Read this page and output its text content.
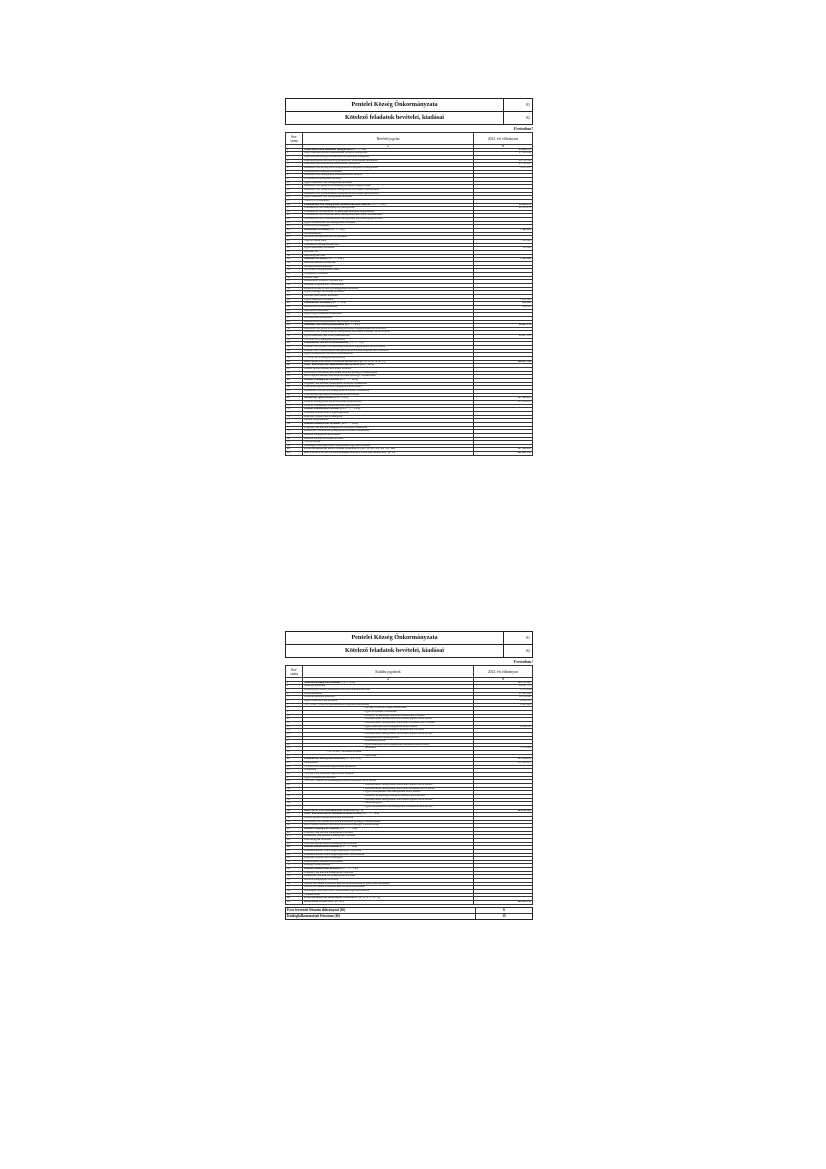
Pentelei Község Önkormányzata	01
Kötelező feladatok bevételei, kiadásai	02
Forintban!
Sor- szám	Bevételi jogcím	2023. évi előirányzat
	A	B
1	Önkormányzatok működési támogatásai (1.1.+...+1.6.)	85 890 379
2	Helyi önkormányzatok működésének általános támogatása	27 186 839
3	Önkormányzatok egyes köznevelési feladatainak támogatása	
4	Önkormányzatok szociális és gyermekjóléti feladatainak támogatása	26 798 316
5	Önkormányzatok kulturális feladatainak támogatása	27 780 167
6	Működési célú költségvetési támogatások és kiegészítő támogatások	4 125 057
7	Elszámolásból származó bevételek	
8	Működési célú támogatások államháztartáson belülről	
9	Elvonások és befizetések bevételei	
10	Egyéb működési célú támogatások bevételei	
11	Működési célú garancia- és kezességvállalásból megtérülések	
12	Működési célú visszatérítendő támogatások, kölcsönök visszatérülése	
13	Működési célú visszatérítendő támogatások, kölcsönök igénybevétele	
14	Egyéb működési célú támogatások bevételei	
15	- ebből EU-s támogatás	
16	Felhalmozási célú támogatások államháztartáson belülről (2.1.+...+2.5.)	22 858 979
17	Felhalmozási célú önkormányzati támogatások	22 858 979
18	Felhalmozási célú garancia- és kezességvállalásból megtérülések	
19	Felhalmozási célú visszatérítendő támogatások, kölcsönök visszatérülése	
20	Felhalmozási célú visszatérítendő támogatások, kölcsönök igénybevétele	
21	Egyéb felhalmozási célú támogatások bevételei	
22	- ebből EU-s támogatás	
23	Közhatalmi bevételek (3.1.+...+3.5.)	7 800 000
24	Jövedelemadók	
25	Szociális hozzájárulási adó és járulékok	
26	Vagyoni típusú adók	7 100 000
27	Termékek és szolgáltatások adói	
28	Egyéb közhatalmi bevételek	700 000
29	Iparűzési adó	
30	Idegenforgalmi adó	
31	Működési bevételek (4.1.+...+4.10.)	1 980 000
32	Készletértékesítés ellenértéke	
33	Szolgáltatások ellenértéke	
34	Közvetített szolgáltatások értéke	
35	Tulajdonosi bevételek	
36	Ellátási díjak	
37	Kiszámlázott általános forgalmi adó	
38	Általános forgalmi adó visszatérítése	
39	Kamatbevételek és más nyereségjellegű bevételek	
40	Egyéb pénzügyi műveletek bevételei	
41	Biztosító által fizetett kártérítés	
42	Egyéb működési bevételek	1 980 000
43	Felhalmozási bevételek (5.1.+...+5.5.)	890 000
44	Immateriális javak értékesítése	890 000
45	Ingatlanok értékesítése	
46	Egyéb tárgyi eszközök értékesítése	
47	Részesedések értékesítése	
48	Részesedések megszűnéséhez kapcsolódó bevételek	
49	Működési célú átvett pénzeszközök (6.1.+...+6.3.)	28 667 978
50	Működési célú garancia- és kezességvállalásból megtérülések ÁH-n kívülről	
51	Működési célú visszatérítendő támogatások, kölcsönök visszatér. ÁH-n kívülről	
52	Egyéb működési célú átvett pénzeszközök	28 667 978
53	- 6.3.-ból EU-s támogatás (közvetlen)	
54	Felhalmozási célú átvett pénzeszközök (7.1.+...+7.3.)	
55	Felhalm. célú garancia- és kezességvállalásból megtérülések ÁH-n kívülről	
56	Felhalm. célú visszatérítendő támogatások, kölcsönök visszatér. ÁH-n kívülről	
57	Egyéb felhalmozási célú átvett pénzeszközök	
58	- 7.3.-ból EU-s támogatás (közvetlen)	
59	KÖLTSÉGVETÉSI BEVÉTELEK ÖSSZESEN: (1.+2.+3.+4.+5.+6.+7.)	148 087 336
60	Hitel-, kölcsönfelvétel államháztartáson kívülről (10.1.+10.3.)	
61	Hosszú lejáratú hitelek, kölcsönök felvétele	
62	Likviditási célú hitelek, kölcsönök felvétele pénzügyi vállalkozástól	
63	Rövid lejáratú hitelek, kölcsönök felvétele pénzügyi vállalkozástól	
64	Belföldi értékpapírok bevételei (11.1. +...+11.4.)	
65	Forgatási célú belföldi értékpapírok beváltása, értékesítése	
66	Éven belüli lejáratú belföldi értékpapírok kibocsátása	
67	Befektetési célú belföldi értékpapírok beváltása, értékesítése	
68	Éven túli lejáratú belföldi értékpapírok kibocsátása	
69	Maradvány igénybevétele (13.1.+13.2.)	117 954 857
70	Előző év költségvetési maradványának igénybevétele	117 954 857
71	Előző év vállalkozási maradványának igénybevétele	
72	Belföldi finanszírozás bevételei (13.1. + ... + 13.3.)	
73	Államháztartáson belüli megelőlegezések	
74	Központi, irányító szervi támogatás	
75	Betétek megszüntetése	
76	Külföldi finanszírozás bevételei (14.1.+...+14.4.)	
77	Forgatási célú külföldi értékpapírok beváltása, értékesítése	
78	Befektetési célú külföldi értékpapírok beváltása, értékesítése	
79	Külföldi értékpapírok kibocsátása	
80	Külföldi hitelek, kölcsönök felvétele	
81	Váltóbevételek	
82	Adóssághoz nem kapcsolódó származékos ügyletek bevételei	
83	FINANSZÍROZÁSI BEVÉTELEK ÖSSZESEN: (10.+11.+12.+13.+14.+15.+16.)	117 954 857
84	KÖLTSÉGVETÉSI ÉS FINANSZÍROZÁSI BEVÉTELEK ÖSSZESEN: (9+17)	266 042 193
Pentelei Község Önkormányzata	01
Kötelező feladatok bevételei, kiadásai	02
Forintban!
Sor- szám	Kiadási jogcímek	2023. évi előirányzat
	A	B
1	Működési költségvetés kiadásai (1.1+...+1.5.)	149 723 587
2	Személyi juttatások	59 847 735
3	Munkaadókat terhelő járulékok és szociális hozzájárulási adó	8 723 058
4	Dologi kiadások	67 991 266
5	Ellátottak pénzbeli juttatásai	10 789 000
6	Egyéb működési célú kiadások	8 824 765
7	- az 1.5-ből: - Előző évi elszámolásból származó befizetések	2 405 000
8	- Törvényi előíráson alapuló befizetések	
9	- Egyéb elvonások, befizetések	
10	- Garancia- és kezességvállalásból kifizetés ÁH-n belülre	
11	- Visszatérítendő támogatások, kölcsönök nyújtása ÁH-n belülre	
12	- Visszatérítendő támogatások, kölcsönök törlesztése ÁH-n belülre	
13	- Egyéb működési célú támogatások ÁH-n belülre	6 419 765
14	- Garancia és kezességvállalásból kifizetés ÁH-n kívülre	
15	- Visszatérítendő támogatások, kölcsönök nyújtása ÁH-n kívülre	
16	- Árkiegészítések, ártámogatások	
17	- Kamattámogatások	
18	- Egyéb működési célú támogatások államháztartáson kívülre	
19	- Tartalékok	5 136 000
20	- az 1.5-ből: - Általános tartalék	
21	- Céltartalék	
22	Felhalmozási költségvetés kiadásai (2.1.+2.3.+2.5.)	115 318 478
23	Beruházások	111 142 478
24	- 2.1-ből EU-s forrásból megvalósuló beruházás	
25	Felújítások	
26	- 2.3-ból EU-s forrásból megvalósuló felújítás	
27	Egyéb felhalmozási kiadások	
28	- 2.5-ből: - Garancia- és kezességvállalásból kifizetés ÁH-n belülre	
29	- Visszatérítendő támogatások, kölcsönök nyújtása ÁH-n belülre	
30	- Visszatérítendő támogatások, kölcsönök törlesztése ÁH-n belülre	
31	- Egyéb felhalmozási célú támogatások ÁH-n belülre	
32	- Garancia- és kezességvállalásból kifizetés ÁH-n kívülre	
33	- Visszatérítendő támogatások, kölcsönök nyújtása ÁH-n kívülre	
34	- Lakástámogatás	
35	- Egyéb felhalmozási célú támogatások államháztartáson kívülre	
36	KÖLTSÉGVETÉSI KIADÁSOK ÖSSZESEN (1+2)	265 042 065
37	Hitel-, kölcsöntörlesztés államháztartáson kívülre (4.1. + ... + 4.3.)	
38	Hosszú lejáratú hitelek, kölcsönök törlesztése	
39	Likviditási célú hitelek, kölcsönök törlesztése pénzügyi vállalkozásnak	
40	Rövid lejáratú hitelek, kölcsönök törlesztése pénzügyi vállalkozásnak	
41	Belföldi értékpapírok kiadásai (5.1. + ... + 5.4.)	
42	Forgatási célú belföldi értékpapírok vásárlása	
43	Befektetési célú belföldi értékpapírok vásárlása	
44	Kincstárjegyek beváltása	
45	Éven túli lejáratú belföldi értékpapírok beváltása	
46	Belföldi finanszírozás kiadásai (6.1. + ... + 6.4.)	
47	Államháztartáson belüli megelőlegezések folyósítása	
48	Államháztartáson belüli megelőlegezések visszafizetése	
49	Központi, irányító szervi támogatás	
50	Pénzeszközök betétként elhelyezése	
51	Pénzügyi lízing kiadásai	
52	Külföldi finanszírozás kiadásai (7.1. + ... + 7.5.)	
53	Forgatási célú külföldi értékpapírok vásárlása	
54	Befektetési célú külföldi értékpapírok beváltása	
55	Külföldi értékpapírok beváltása	
56	Hitelek, kölcsönök törlesztése külföldi kormányoknak és nemz. szervezeteknek	
57	Hitelek, kölcsönök törlesztése külföldi pénzintézeteknek	
58	Adóssághoz nem kapcsolódó származékos ügyletek kiadásai	
59	Váltókiadások	
60	FINANSZÍROZÁSI KIADÁSOK ÖSSZESEN: (4.+5.+6.+7.+8.+9.)	
61	KIADÁSOK ÖSSZESEN: (3.+10.)	266 042 193
Éves tervezett létszám előirányzat (fő)	6
Közfoglalkoztatottak létszáma (fő)	15
